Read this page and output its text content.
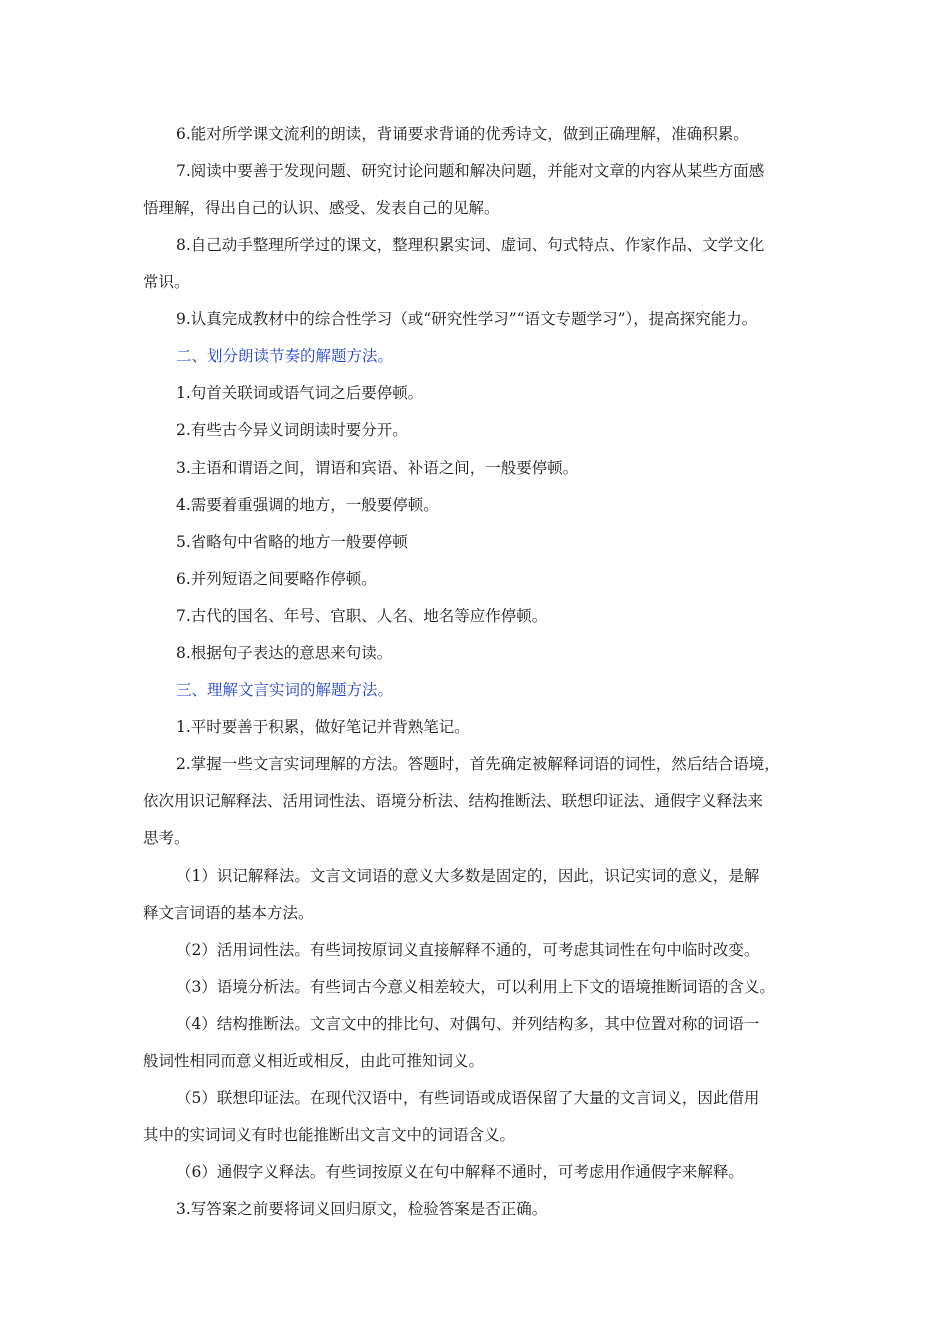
6.能对所学课文流利的朗读，背诵要求背诵的优秀诗文，做到正确理解，准确积累。
7.阅读中要善于发现问题、研究讨论问题和解决问题，并能对文章的内容从某些方面感
悟理解，得出自己的认识、感受、发表自己的见解。
8.自己动手整理所学过的课文，整理积累实词、虚词、句式特点、作家作品、文学文化
常识。
9.认真完成教材中的综合性学习（或“研究性学习”“语文专题学习”），提高探究能力。
二、划分朗读节奏的解题方法。
1.句首关联词或语气词之后要停顿。
2.有些古今异义词朗读时要分开。
3.主语和谓语之间，谓语和宾语、补语之间，一般要停顿。
4.需要着重强调的地方，一般要停顿。
5.省略句中省略的地方一般要停顿
6.并列短语之间要略作停顿。
7.古代的国名、年号、官职、人名、地名等应作停顿。
8.根据句子表达的意思来句读。
三、理解文言实词的解题方法。
1.平时要善于积累，做好笔记并背熟笔记。
2.掌握一些文言实词理解的方法。答题时，首先确定被解释词语的词性，然后结合语境，
依次用识记解释法、活用词性法、语境分析法、结构推断法、联想印证法、通假字义释法来
思考。
（1）识记解释法。文言文词语的意义大多数是固定的，因此，识记实词的意义，是解
释文言词语的基本方法。
（2）活用词性法。有些词按原词义直接解释不通的，可考虑其词性在句中临时改变。
（3）语境分析法。有些词古今意义相差较大，可以利用上下文的语境推断词语的含义。
（4）结构推断法。文言文中的排比句、对偶句、并列结构多，其中位置对称的词语一
般词性相同而意义相近或相反，由此可推知词义。
（5）联想印证法。在现代汉语中，有些词语或成语保留了大量的文言词义，因此借用
其中的实词词义有时也能推断出文言文中的词语含义。
（6）通假字义释法。有些词按原义在句中解释不通时，可考虑用作通假字来解释。
3.写答案之前要将词义回归原文，检验答案是否正确。
